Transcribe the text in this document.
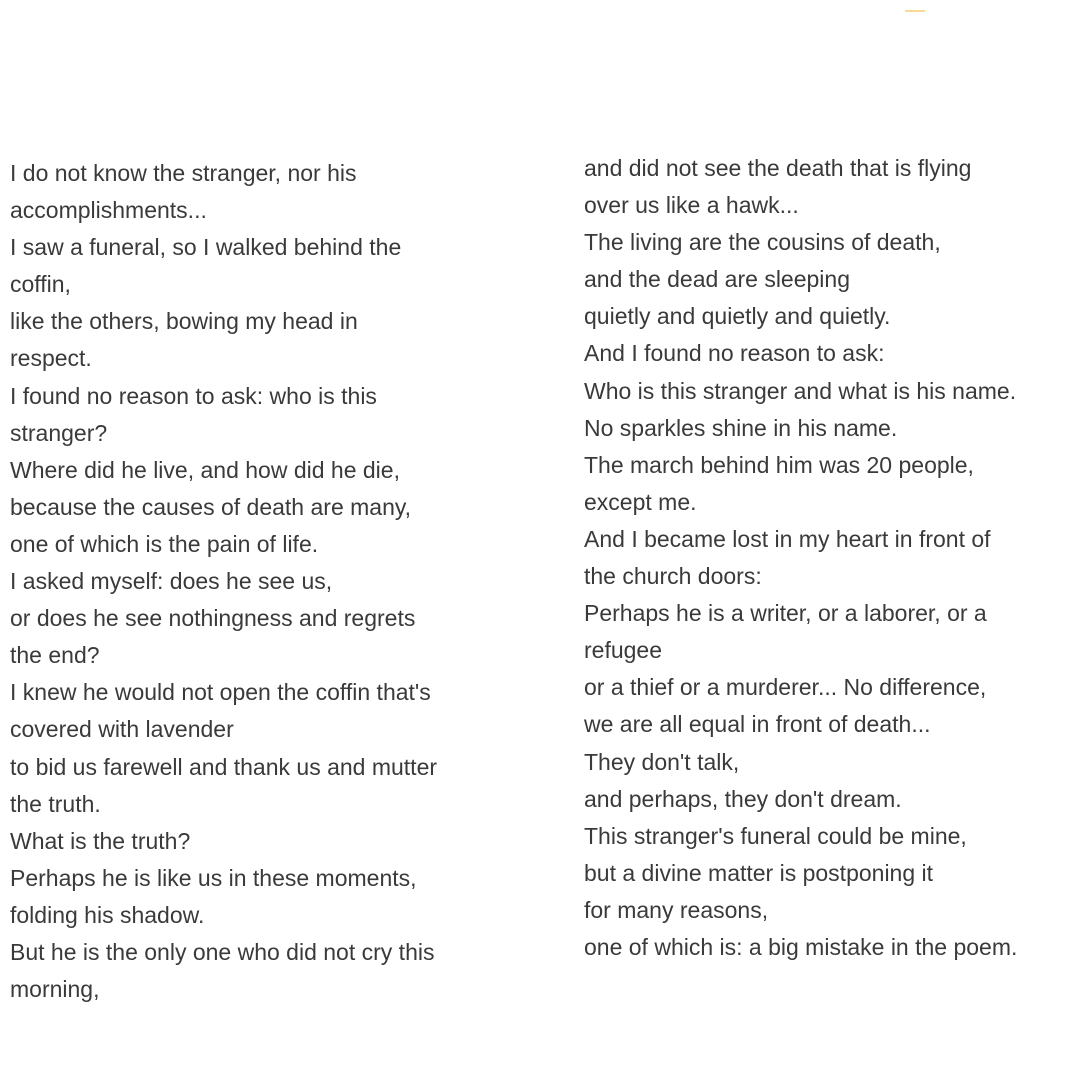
I do not know the stranger, nor his
accomplishments...
I saw a funeral, so I walked behind the
coffin,
like the others, bowing my head in
respect.
I found no reason to ask: who is this
stranger?
Where did he live, and how did he die,
because the causes of death are many,
one of which is the pain of life.
I asked myself: does he see us,
or does he see nothingness and regrets
the end?
I knew he would not open the coffin that's
covered with lavender
to bid us farewell and thank us and mutter
the truth.
What is the truth?
Perhaps he is like us in these moments,
folding his shadow.
But he is the only one who did not cry this
morning,
and did not see the death that is flying
over us like a hawk...
The living are the cousins of death,
and the dead are sleeping
quietly and quietly and quietly.
And I found no reason to ask:
Who is this stranger and what is his name.
No sparkles shine in his name.
The march behind him was 20 people,
except me.
And I became lost in my heart in front of
the church doors:
Perhaps he is a writer, or a laborer, or a
refugee
or a thief or a murderer... No difference,
we are all equal in front of death...
They don't talk,
and perhaps, they don't dream.
This stranger's funeral could be mine,
but a divine matter is postponing it
for many reasons,
one of which is: a big mistake in the poem.
